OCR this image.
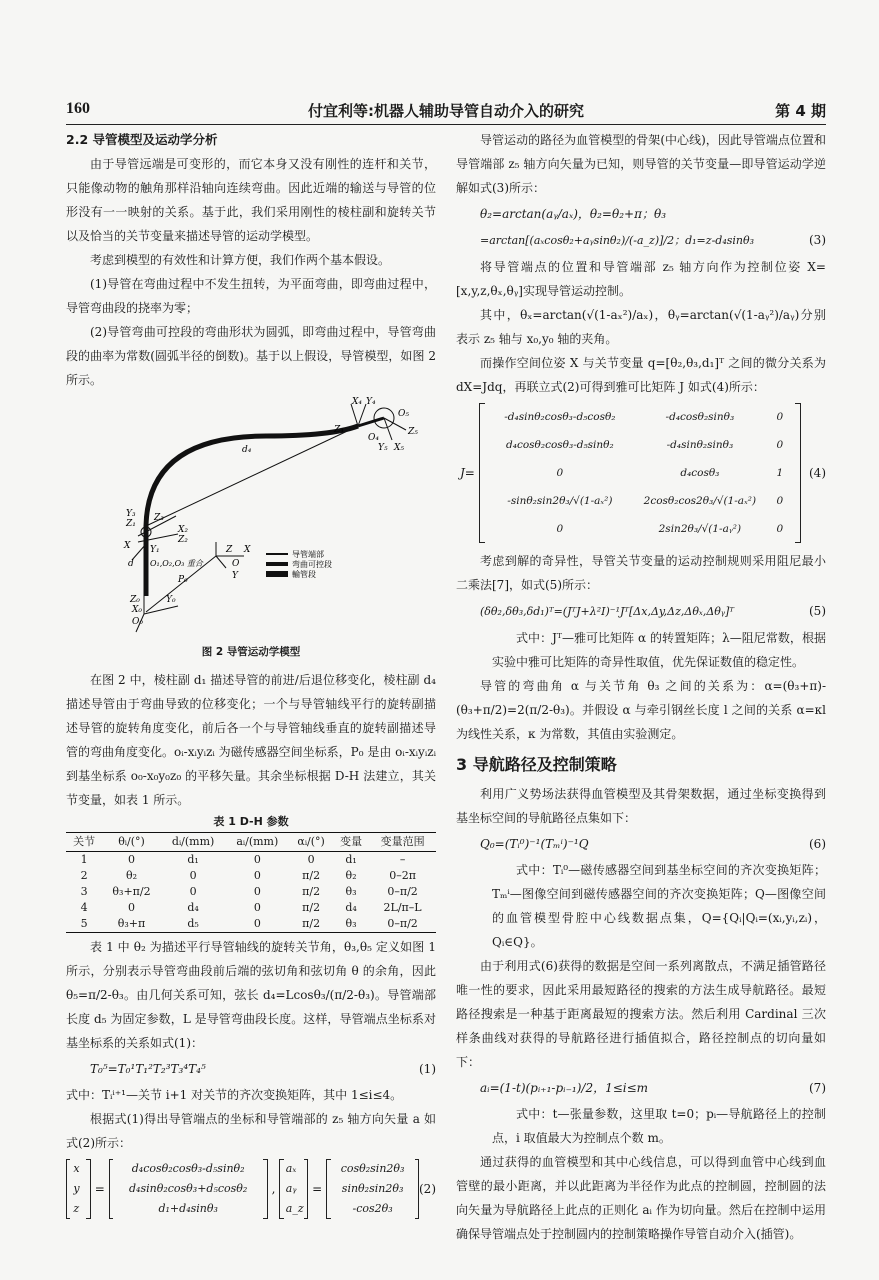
160	付宜利等:机器人辅助导管自动介入的研究	第 4 期
2.2 导管模型及运动学分析

由于导管远端是可变形的，而它本身又没有刚性的连杆和关节，只能像动物的触角那样沿轴向连续弯曲。因此近端的输送与导管的位形没有一一映射的关系。基于此，我们采用刚性的棱柱副和旋转关节以及恰当的关节变量来描述导管的运动学模型。

考虑到模型的有效性和计算方便，我们作两个基本假设。

(1)导管在弯曲过程中不发生扭转，为平面弯曲，即弯曲过程中，导管弯曲段的挠率为零；

(2)导管弯曲可控段的弯曲形状为圆弧，即弯曲过程中，导管弯曲段的曲率为常数(圆弧半径的倒数)。基于以上假设，导管模型，如图 2 所示。

X₄ Y₄
Z₄
O₄
O₅
Z₅
Y₅ X₅
d₄
Y₃
Z₁
Z₃
X₂
Z₂
X Y₁
d O₁,O₂,O₃ 重合
Z X
O
Y
P₀
Z₀
X₀
Y₀
O₀
导管端部
弯曲可控段
輸管段
图 2 导管运动学模型

在图 2 中，棱柱副 d₁ 描述导管的前进/后退位移变化，棱柱副 d₄ 描述导管由于弯曲导致的位移变化；一个与导管轴线平行的旋转副描述导管的旋转角度变化，前后各一个与导管轴线垂直的旋转副描述导管的弯曲角度变化。oᵢ-xᵢyᵢzᵢ 为磁传感器空间坐标系，P₀ 是由 oᵢ-xᵢyᵢzᵢ 到基坐标系 o₀-x₀y₀z₀ 的平移矢量。其余坐标根据 D-H 法建立，其关节变量，如表 1 所示。

表 1 D-H 参数
关节	θᵢ/(°)	dᵢ/(mm)	aᵢ/(mm)	αᵢ/(°)	变量	变量范围
1	0	d₁	0	0	d₁	–
2	θ₂	0	0	π/2	θ₂	0–2π
3	θ₃+π/2	0	0	π/2	θ₃	0–π/2
4	0	d₄	0	π/2	d₄	2L/π–L
5	θ₃+π	d₅	0	π/2	θ₃	0–π/2

表 1 中 θ₂ 为描述平行导管轴线的旋转关节角，θ₃,θ₅ 定义如图 1 所示，分别表示导管弯曲段前后端的弦切角和弦切角 θ 的余角，因此 θ₅=π/2-θ₃。由几何关系可知，弦长 d₄=Lcosθ₃/(π/2-θ₃)。导管端部长度 d₅ 为固定参数，L 是导管弯曲段长度。这样，导管端点坐标系对基坐标系的关系如式(1)：

T₀⁵=T₀¹T₁²T₂³T₃⁴T₄⁵	(1)

式中：Tᵢⁱ⁺¹—关节 i+1 对关节的齐次变换矩阵，其中 1≤i≤4。

根据式(1)得出导管端点的坐标和导管端部的 z₅ 轴方向矢量 a 如式(2)所示：

x
y
z
=
d₄cosθ₂cosθ₃-d₅sinθ₂
d₄sinθ₂cosθ₃+d₅cosθ₂
d₁+d₄sinθ₃
,
aₓ
aᵧ
a_z
=
cosθ₂sin2θ₃
sinθ₂sin2θ₃
-cos2θ₃
(2)

导管运动的路径为血管模型的骨架(中心线)，因此导管端点位置和导管端部 z₅ 轴方向矢量为已知，则导管的关节变量—即导管运动学逆解如式(3)所示：

θ₂=arctan(aᵧ/aₓ)，θ₂=θ₂+π；θ₃
=arctan[(aₓcosθ₂+aᵧsinθ₂)/(-a_z)]/2；d₁=z-d₄sinθ₃	(3)

将导管端点的位置和导管端部 z₅ 轴方向作为控制位姿 X=[x,y,z,θₓ,θᵧ]实现导管运动控制。

其中，θₓ=arctan(√(1-aₓ²)/aₓ)，θᵧ=arctan(√(1-aᵧ²)/aᵧ)分别表示 z₅ 轴与 x₀,y₀ 轴的夹角。

而操作空间位姿 X 与关节变量 q=[θ₂,θ₃,d₁]ᵀ 之间的微分关系为 dX=Jdq，再联立式(2)可得到雅可比矩阵 J 如式(4)所示：

J=
-d₄sinθ₂cosθ₃-d₅cosθ₂	-d₄cosθ₂sinθ₃	0
d₄cosθ₂cosθ₃-d₅sinθ₂	-d₄sinθ₂sinθ₃	0
0	d₄cosθ₃	1
-sinθ₂sin2θ₃/√(1-aₓ²)	2cosθ₂cos2θ₃/√(1-aₓ²)	0
0	2sin2θ₃/√(1-aᵧ²)	0
(4)

考虑到解的奇异性，导管关节变量的运动控制规则采用阻尼最小二乘法[7]，如式(5)所示：

(δθ₂,δθ₃,δd₁)ᵀ=(JᵀJ+λ²I)⁻¹Jᵀ[Δx,Δy,Δz,Δθₓ,Δθᵧ]ᵀ	(5)

式中：Jᵀ—雅可比矩阵 α 的转置矩阵；λ—阻尼常数，根据实验中雅可比矩阵的奇异性取值，优先保证数值的稳定性。

导管的弯曲角 α 与关节角 θ₃ 之间的关系为：α=(θ₃+π)-(θ₃+π/2)=2(π/2-θ₃)。并假设 α 与牵引钢丝长度 l 之间的关系 α=κl 为线性关系，κ 为常数，其值由实验测定。

3 导航路径及控制策略

利用广义势场法获得血管模型及其骨架数据，通过坐标变换得到基坐标空间的导航路径点集如下：

Q₀=(Tᵢ⁰)⁻¹(Tₘⁱ)⁻¹Q	(6)

式中：Tᵢ⁰—磁传感器空间到基坐标空间的齐次变换矩阵；Tₘⁱ—图像空间到磁传感器空间的齐次变换矩阵；Q—图像空间的血管模型骨腔中心线数据点集，Q={Qᵢ|Qᵢ=(xᵢ,yᵢ,zᵢ)，Qᵢ∈Q}。

由于利用式(6)获得的数据是空间一系列离散点，不满足插管路径唯一性的要求，因此采用最短路径的搜索的方法生成导航路径。最短路径搜索是一种基于距离最短的搜索方法。然后利用 Cardinal 三次样条曲线对获得的导航路径进行插值拟合，路径控制点的切向量如下：

aᵢ=(1-t)(pᵢ₊₁-pᵢ₋₁)/2，1≤i≤m	(7)

式中：t—张量参数，这里取 t=0；pᵢ—导航路径上的控制点，i 取值最大为控制点个数 m。

通过获得的血管模型和其中心线信息，可以得到血管中心线到血管壁的最小距离，并以此距离为半径作为此点的控制圆，控制圆的法向矢量为导航路径上此点的正则化 aᵢ 作为切向量。然后在控制中运用确保导管端点处于控制圆内的控制策略操作导管自动介入(插管)。
